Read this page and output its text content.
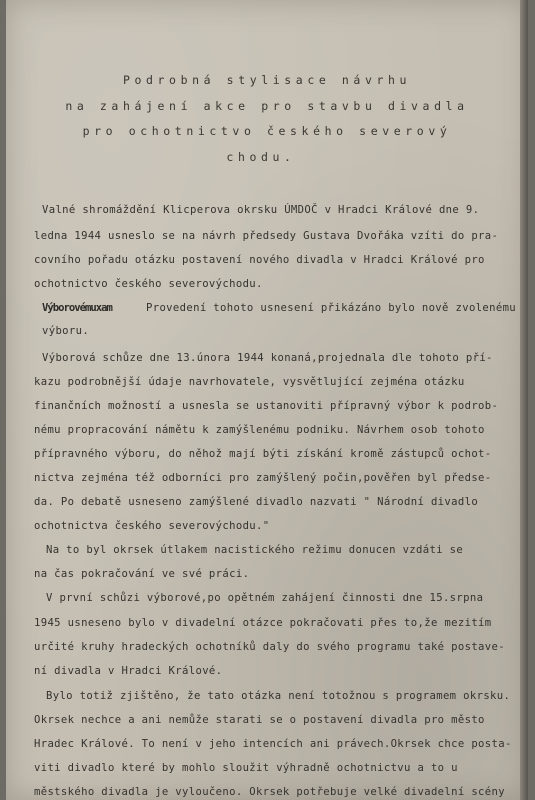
Podrobná stylisace návrhu
na zahájení akce pro stavbu divadla
pro ochotnictvo českého severový
chodu.
Valné shromáždění Klicperova okrsku ÚMDOČ v Hradci Králové dne 9.
ledna 1944 usneslo se na návrh předsedy Gustava Dvořáka vzíti do pra-
covního pořadu otázku postavení nového divadla v Hradci Králové pro
ochotnictvo českého severovýchodu.
Výborovémuxam	Provedení tohoto usnesení přikázáno bylo nově zvolenému
výboru.
Výborová schůze dne 13.února 1944 konaná,projednala dle tohoto pří-
kazu podrobnější údaje navrhovatele, vysvětlující zejména otázku
finančních možností a usnesla se ustanoviti přípravný výbor k podrob-
nému propracování námětu k zamýšlenému podniku. Návrhem osob tohoto
přípravného výboru, do něhož mají býti získání kromě zástupců ochot-
nictva zejména též odborníci pro zamýšlený počin,pověřen byl předse-
da. Po debatě usneseno zamýšlené divadlo nazvati " Národní divadlo
ochotnictva českého severovýchodu."
Na to byl okrsek útlakem nacistického režimu donucen vzdáti se
na čas pokračování ve své práci.
V první schůzi výborové,po opětném zahájení činnosti dne 15.srpna
1945 usneseno bylo v divadelní otázce pokračovati přes to,že mezitím
určité kruhy hradeckých ochotníků daly do svého programu také postave-
ní divadla v Hradci Králové.
Bylo totiž zjištěno, že tato otázka není totožnou s programem okrsku.
Okrsek nechce a ani nemůže starati se o postavení divadla pro město
Hradec Králové. To není v jeho intencích ani právech.Okrsek chce posta-
viti divadlo které by mohlo sloužit výhradně ochotnictvu a to u
městského divadla je vyloučeno. Okrsek potřebuje velké divadelní scény
